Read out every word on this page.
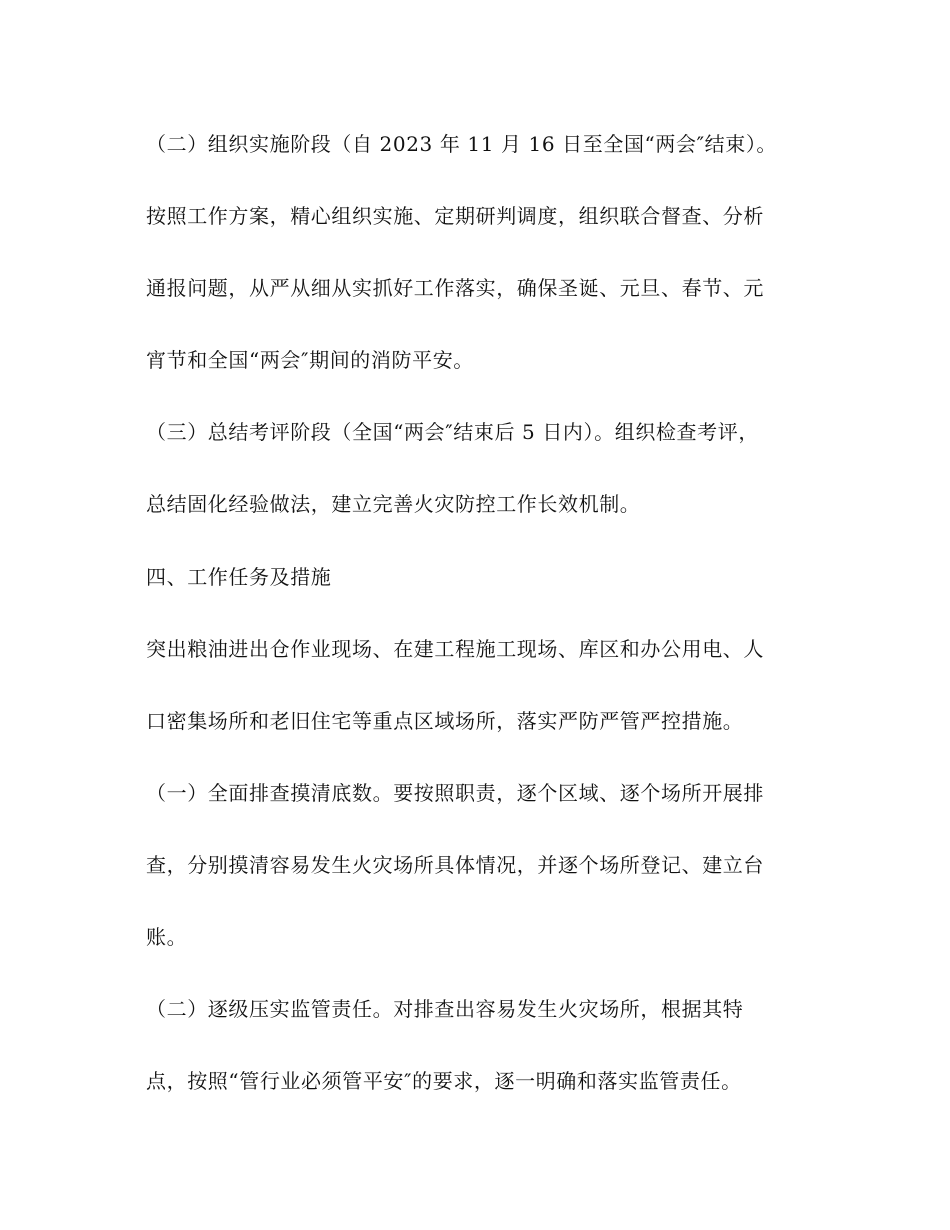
（二）组织实施阶段（自 2023 年 11 月 16 日至全国“两会″结束）。
按照工作方案，精心组织实施、定期研判调度，组织联合督查、分析
通报问题，从严从细从实抓好工作落实，确保圣诞、元旦、春节、元
宵节和全国“两会″期间的消防平安。
（三）总结考评阶段（全国“两会″结束后 5 日内）。组织检查考评，
总结固化经验做法，建立完善火灾防控工作长效机制。
四、工作任务及措施
突出粮油进出仓作业现场、在建工程施工现场、库区和办公用电、人
口密集场所和老旧住宅等重点区域场所，落实严防严管严控措施。
（一）全面排查摸清底数。要按照职责，逐个区域、逐个场所开展排
查，分别摸清容易发生火灾场所具体情况，并逐个场所登记、建立台
账。
（二）逐级压实监管责任。对排查出容易发生火灾场所，根据其特
点，按照“管行业必须管平安″的要求，逐一明确和落实监管责任。
